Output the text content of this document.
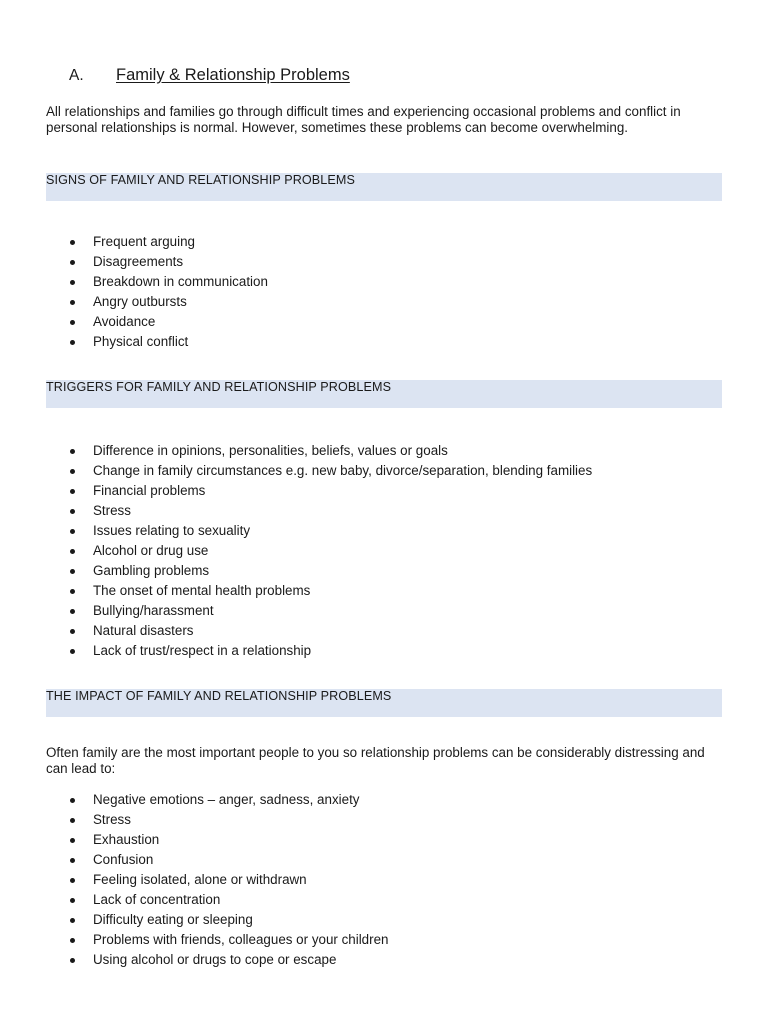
A.	Family & Relationship Problems

All relationships and families go through difficult times and experiencing occasional problems and conflict in personal relationships is normal. However, sometimes these problems can become overwhelming.

SIGNS OF FAMILY AND RELATIONSHIP PROBLEMS
Frequent arguing
Disagreements
Breakdown in communication
Angry outbursts
Avoidance
Physical conflict
TRIGGERS FOR FAMILY AND RELATIONSHIP PROBLEMS
Difference in opinions, personalities, beliefs, values or goals
Change in family circumstances e.g. new baby, divorce/separation, blending families
Financial problems
Stress
Issues relating to sexuality
Alcohol or drug use
Gambling problems
The onset of mental health problems
Bullying/harassment
Natural disasters
Lack of trust/respect in a relationship
THE IMPACT OF FAMILY AND RELATIONSHIP PROBLEMS

Often family are the most important people to you so relationship problems can be considerably distressing and can lead to:

Negative emotions – anger, sadness, anxiety
Stress
Exhaustion
Confusion
Feeling isolated, alone or withdrawn
Lack of concentration
Difficulty eating or sleeping
Problems with friends, colleagues or your children
Using alcohol or drugs to cope or escape
